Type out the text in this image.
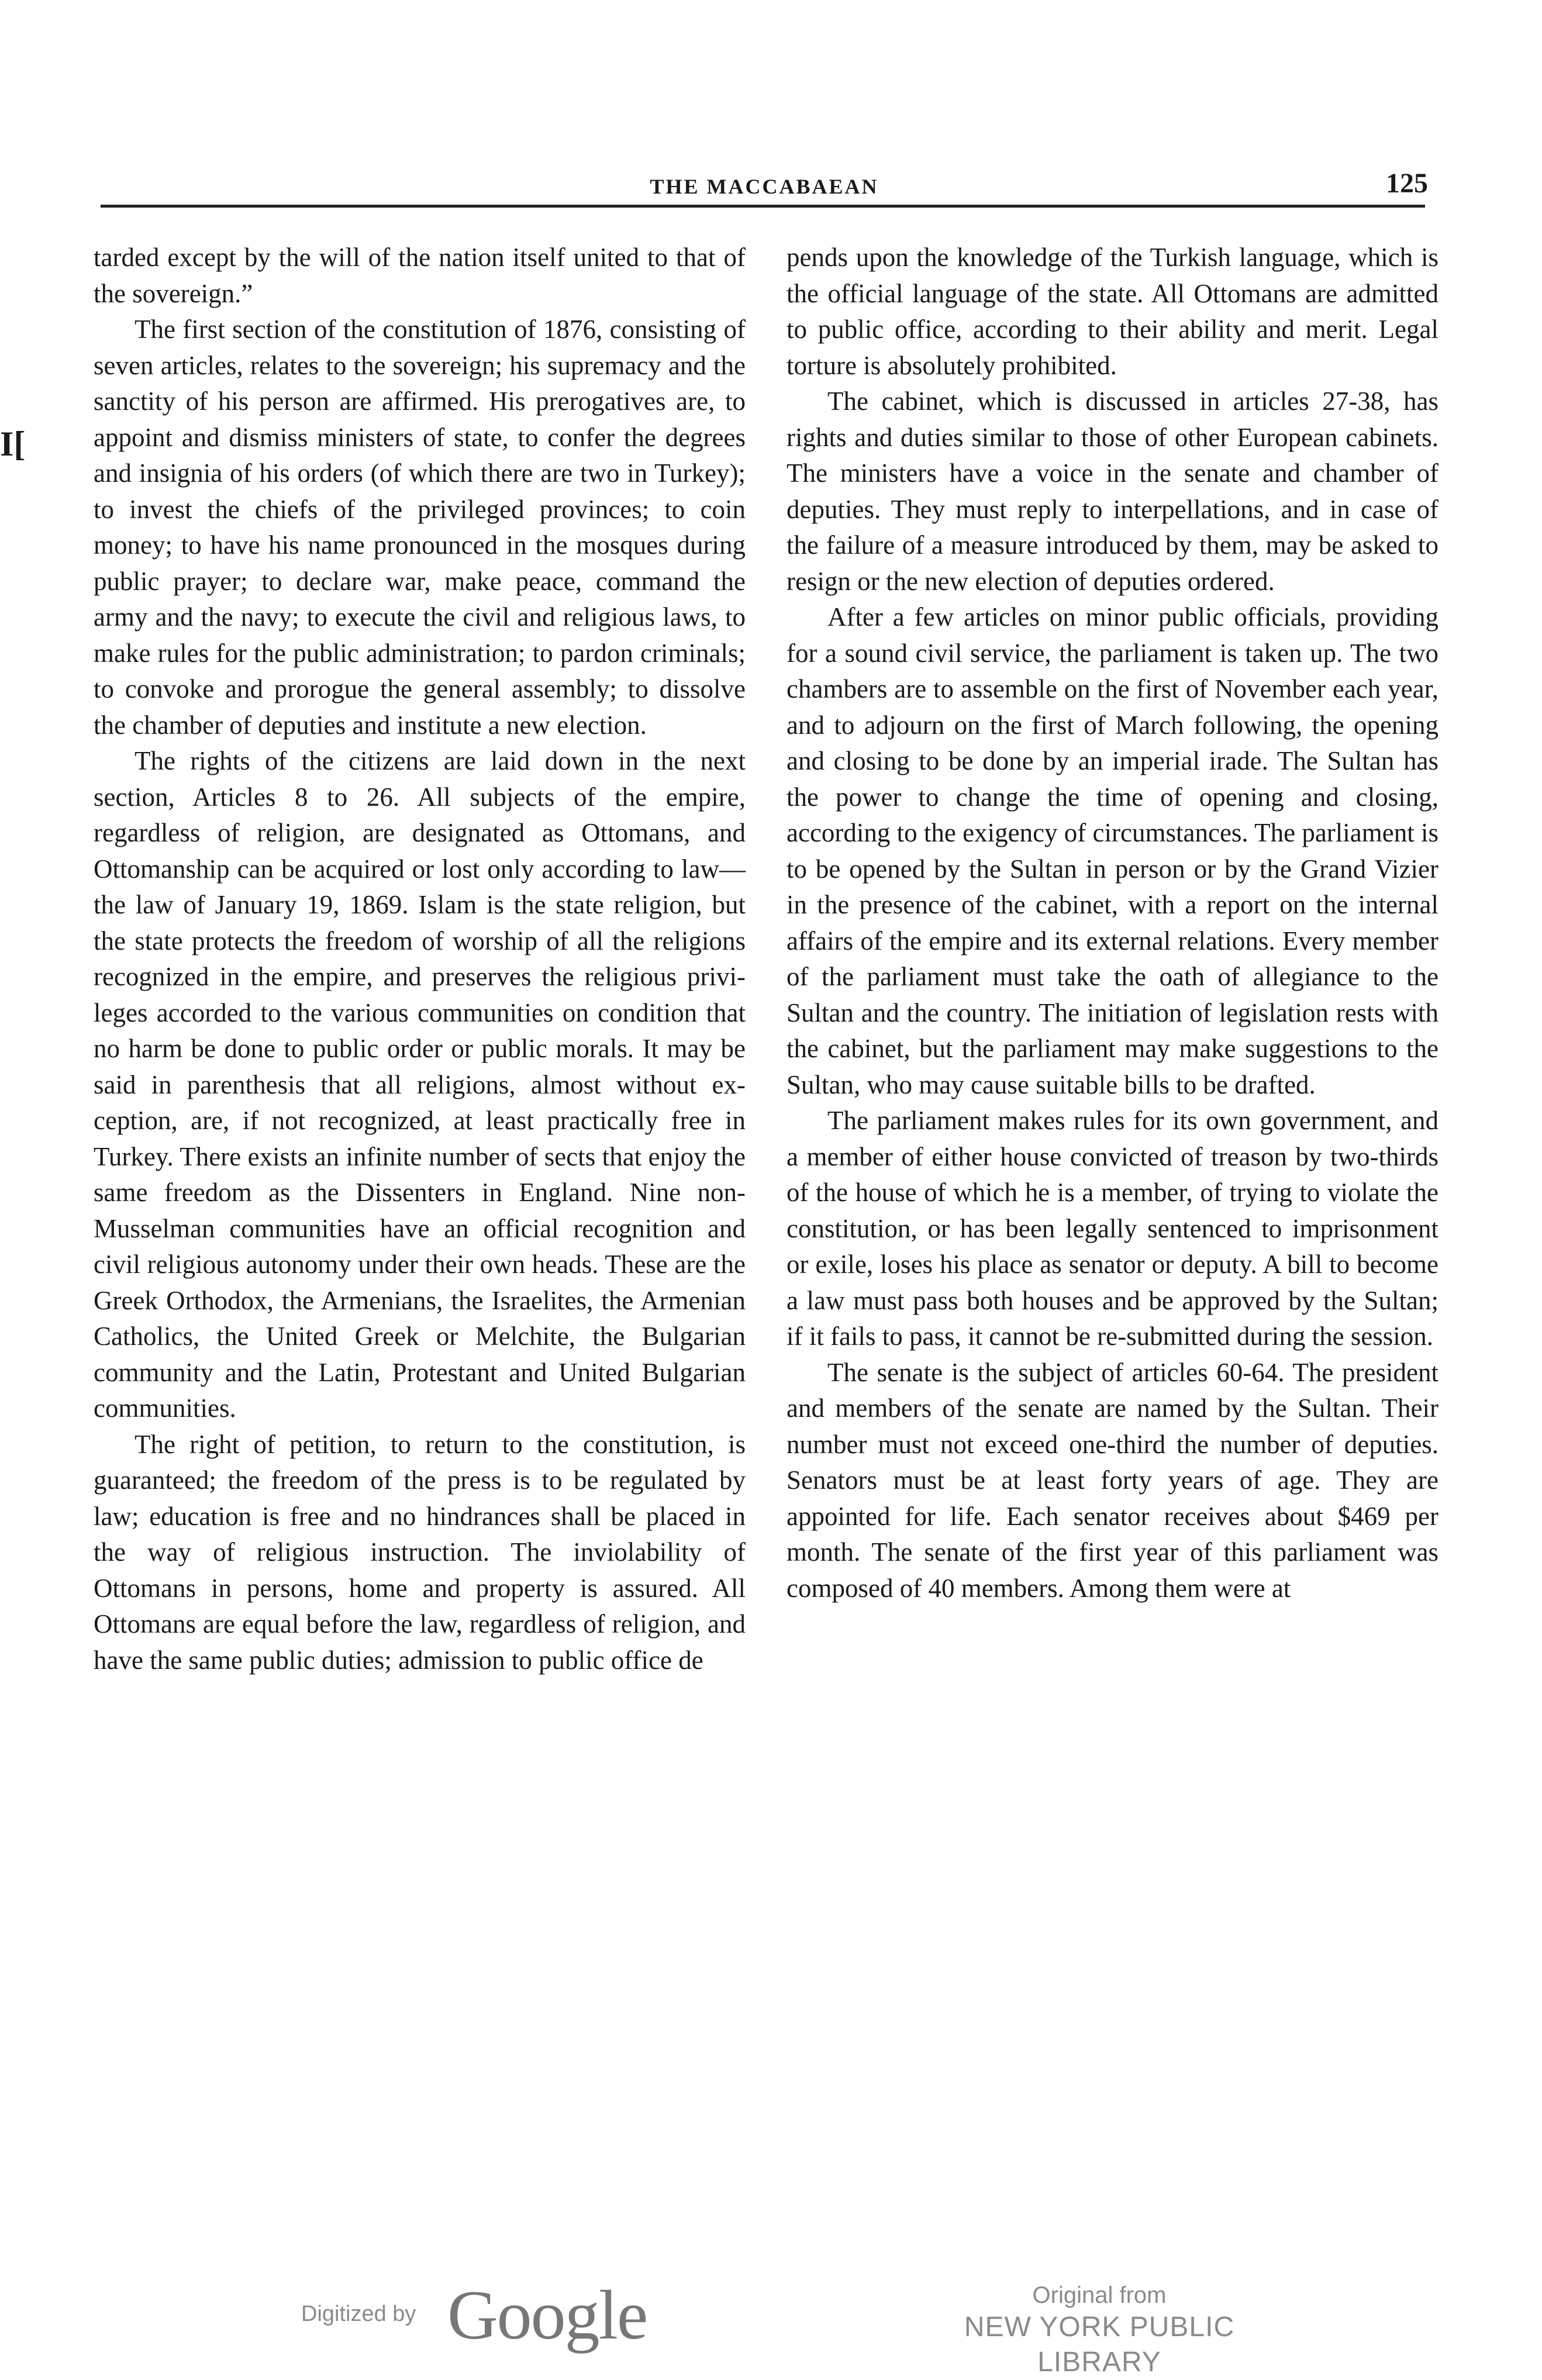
THE MACCABAEAN	125
I[

tarded except by the will of the nation itself united to that of the sovereign.”

The first section of the constitution of 1876, consisting of seven articles, relates to the sovereign; his supremacy and the sanctity of his person are affirmed. His prerogatives are, to appoint and dismiss ministers of state, to confer the degrees and insignia of his orders (of which there are two in Turkey); to invest the chiefs of the privileged provinces; to coin money; to have his name pronounced in the mosques during public prayer; to declare war, make peace, command the army and the navy; to execute the civil and religious laws, to make rules for the public administration; to pardon criminals; to convoke and prorogue the general assembly; to dissolve the chamber of deputies and institute a new election.

The rights of the citizens are laid down in the next section, Articles 8 to 26. All subjects of the empire, regardless of religion, are designated as Ottomans, and Ottomanship can be acquired or lost only according to law—the law of January 19, 1869. Islam is the state religion, but the state protects the freedom of worship of all the religions recognized in the empire, and preserves the religious privileges accorded to the various communities on condition that no harm be done to public order or public morals. It may be said in parenthesis that all religions, almost without exception, are, if not recognized, at least practically free in Turkey. There exists an infinite number of sects that enjoy the same freedom as the Dissenters in England. Nine non-Musselman communities have an official recognition and civil religious autonomy under their own heads. These are the Greek Orthodox, the Armenians, the Israelites, the Armenian Catholics, the United Greek or Melchite, the Bulgarian community and the Latin, Protestant and United Bulgarian communities.

The right of petition, to return to the constitution, is guaranteed; the freedom of the press is to be regulated by law; education is free and no hindrances shall be placed in the way of religious instruction. The inviolability of Ottomans in persons, home and property is assured. All Ottomans are equal before the law, regardless of religion, and have the same public duties; admission to public office de

pends upon the knowledge of the Turkish language, which is the official language of the state. All Ottomans are admitted to public office, according to their ability and merit. Legal torture is absolutely prohibited.

The cabinet, which is discussed in articles 27-38, has rights and duties similar to those of other European cabinets. The ministers have a voice in the senate and chamber of deputies. They must reply to interpellations, and in case of the failure of a measure introduced by them, may be asked to resign or the new election of deputies ordered.

After a few articles on minor public officials, providing for a sound civil service, the parliament is taken up. The two chambers are to assemble on the first of November each year, and to adjourn on the first of March following, the opening and closing to be done by an imperial irade. The Sultan has the power to change the time of opening and closing, according to the exigency of circumstances. The parliament is to be opened by the Sultan in person or by the Grand Vizier in the presence of the cabinet, with a report on the internal affairs of the empire and its external relations. Every member of the parliament must take the oath of allegiance to the Sultan and the country. The initiation of legislation rests with the cabinet, but the parliament may make suggestions to the Sultan, who may cause suitable bills to be drafted.

The parliament makes rules for its own government, and a member of either house convicted of treason by two-thirds of the house of which he is a member, of trying to violate the constitution, or has been legally sentenced to imprisonment or exile, loses his place as senator or deputy. A bill to become a law must pass both houses and be approved by the Sultan; if it fails to pass, it cannot be re-submitted during the session.

The senate is the subject of articles 60-64. The president and members of the senate are named by the Sultan. Their number must not exceed one-third the number of deputies. Senators must be at least forty years of age. They are appointed for life. Each senator receives about $469 per month. The senate of the first year of this parliament was composed of 40 members. Among them were at

Digitized by Google	Original from
NEW YORK PUBLIC LIBRARY
